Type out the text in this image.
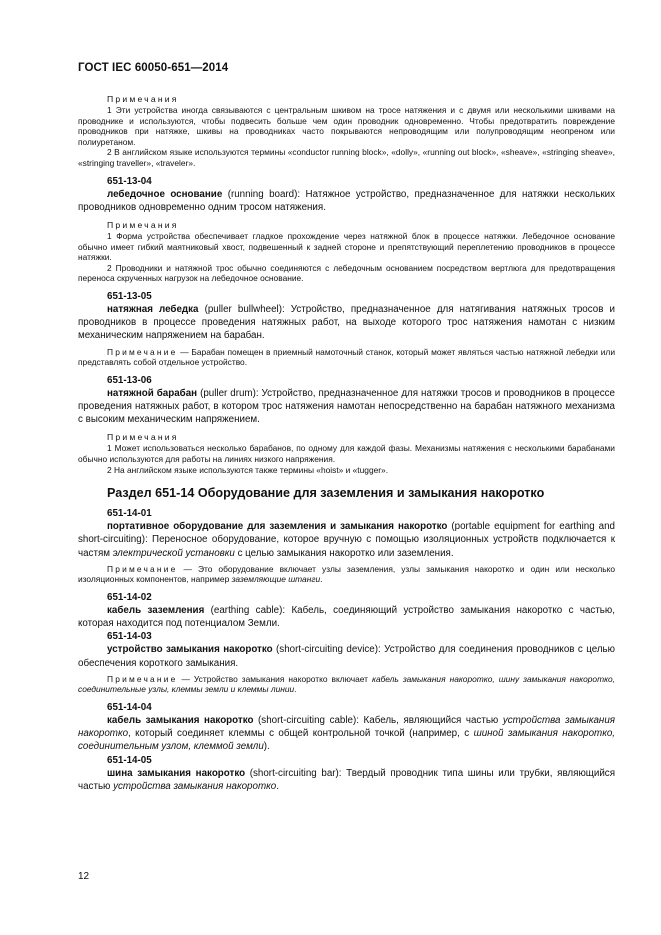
ГОСТ IEC 60050-651—2014

Примечания

1 Эти устройства иногда связываются с центральным шкивом на тросе натяжения и с двумя или несколькими шкивами на проводнике и используются, чтобы подвесить больше чем один проводник одновременно. Чтобы предотвратить повреждение проводников при натяжке, шкивы на проводниках часто покрываются непроводящим или полупроводящим неопреном или полиуретаном.

2 В английском языке используются термины «conductor running block», «dolly», «running out block», «sheave», «stringing sheave», «stringing traveller», «traveler».

651-13-04

лебедочное основание (running board): Натяжное устройство, предназначенное для натяжки нескольких проводников одновременно одним тросом натяжения.

Примечания

1 Форма устройства обеспечивает гладкое прохождение через натяжной блок в процессе натяжки. Лебедочное основание обычно имеет гибкий маятниковый хвост, подвешенный к задней стороне и препятствующий переплетению проводников в процессе натяжки.

2 Проводники и натяжной трос обычно соединяются с лебедочным основанием посредством вертлюга для предотвращения переноса скрученных нагрузок на лебедочное основание.

651-13-05

натяжная лебедка (puller bullwheel): Устройство, предназначенное для натягивания натяжных тросов и проводников в процессе проведения натяжных работ, на выходе которого трос натяжения намотан с низким механическим напряжением на барабан.

Примечание — Барабан помещен в приемный намоточный станок, который может являться частью натяжной лебедки или представлять собой отдельное устройство.

651-13-06

натяжной барабан (puller drum): Устройство, предназначенное для натяжки тросов и проводников в процессе проведения натяжных работ, в котором трос натяжения намотан непосредственно на барабан натяжного механизма с высоким механическим напряжением.

Примечания

1 Может использоваться несколько барабанов, по одному для каждой фазы. Механизмы натяжения с несколькими барабанами обычно используются для работы на линиях низкого напряжения.

2 На английском языке используются также термины «hoist» и «tugger».

Раздел 651-14 Оборудование для заземления и замыкания накоротко

651-14-01

портативное оборудование для заземления и замыкания накоротко (portable equipment for earthing and short-circuiting): Переносное оборудование, которое вручную с помощью изоляционных устройств подключается к частям электрической установки с целью замыкания накоротко или заземления.

Примечание — Это оборудование включает узлы заземления, узлы замыкания накоротко и один или несколько изоляционных компонентов, например заземляющие штанги.

651-14-02

кабель заземления (earthing cable): Кабель, соединяющий устройство замыкания накоротко с частью, которая находится под потенциалом Земли.

651-14-03

устройство замыкания накоротко (short-circuiting device): Устройство для соединения проводников с целью обеспечения короткого замыкания.

Примечание — Устройство замыкания накоротко включает кабель замыкания накоротко, шину замыкания накоротко, соединительные узлы, клеммы земли и клеммы линии.

651-14-04

кабель замыкания накоротко (short-circuiting cable): Кабель, являющийся частью устройства замыкания накоротко, который соединяет клеммы с общей контрольной точкой (например, с шиной замыкания накоротко, соединительным узлом, клеммой земли).

651-14-05

шина замыкания накоротко (short-circuiting bar): Твердый проводник типа шины или трубки, являющийся частью устройства замыкания накоротко.

12
